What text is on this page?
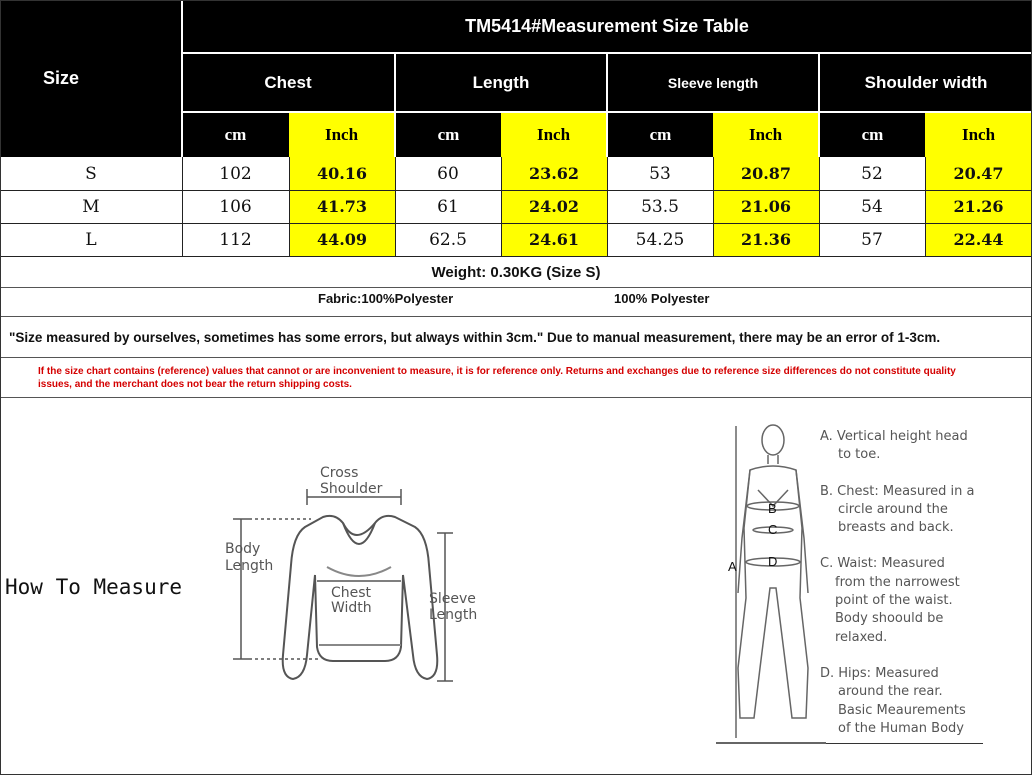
Size
TM5414#Measurement Size Table
Chest	Length	Sleeve length	Shoulder width
cm	Inch	cm	Inch	cm	Inch	cm	Inch
S	102	40.16	60	23.62	53	20.87	52	20.47
M	106	41.73	61	24.02	53.5	21.06	54	21.26
L	112	44.09	62.5	24.61	54.25	21.36	57	22.44
Weight: 0.30KG (Size S)
Fabric:100%Polyester	100% Polyester
"Size measured by ourselves, sometimes has some errors, but always within 3cm." Due to manual measurement, there may be an error of 1-3cm.
If the size chart contains (reference) values that cannot or are inconvenient to measure, it is for reference only. Returns and exchanges due to reference size differences do not constitute quality issues, and the merchant does not bear the return shipping costs.
How To Measure
Cross
Shoulder
Body
Length
Chest
Width
Sleeve
Length
A
B
C
D
A. Vertical height head
to toe.
B. Chest: Measured in a
circle around the
breasts and back.
C. Waist: Measured
from the narrowest
point of the waist.
Body shoould be
relaxed.
D. Hips: Measured
around the rear.
Basic Meaurements
of the Human Body
